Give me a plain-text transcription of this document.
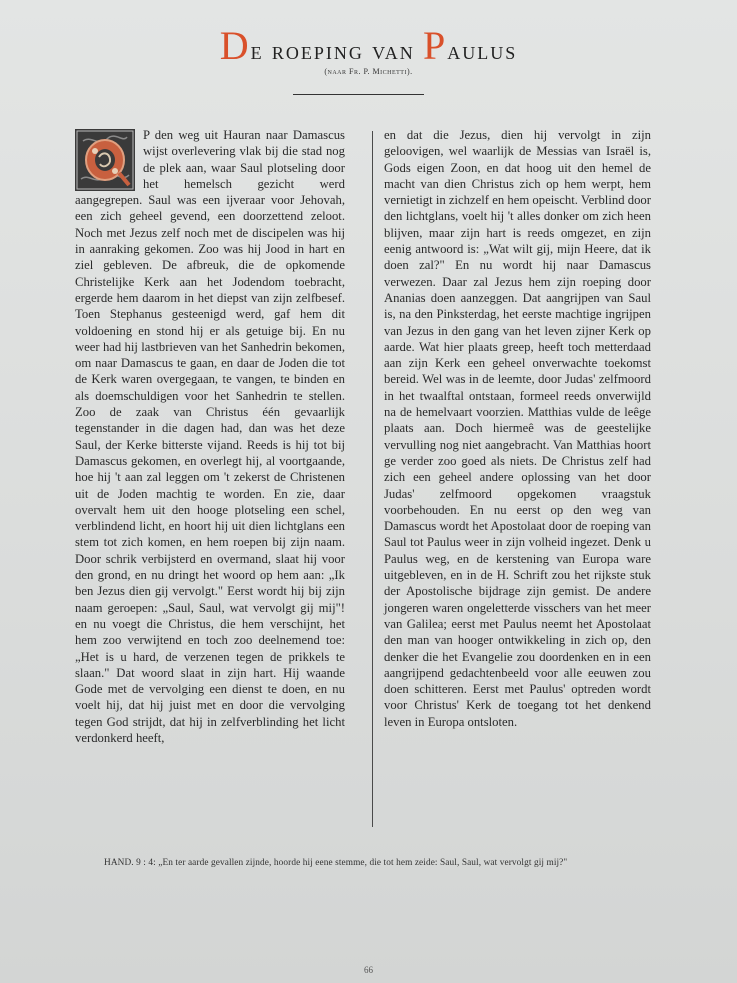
De roeping van Paulus
(naar Fr. P. Michetti).
P den weg uit Hauran naar Damascus wijst overlevering vlak bij die stad nog de plek aan, waar Saul plotseling door het hemelsch gezicht werd aangegrepen. Saul was een ijveraar voor Jehovah, een zich geheel gevend, een doorzettend zeloot. Noch met Jezus zelf noch met de discipelen was hij in aanraking gekomen. Zoo was hij Jood in hart en ziel gebleven. De afbreuk, die de opkomende Christelijke Kerk aan het Jodendom toebracht, ergerde hem daarom in het diepst van zijn zelfbesef. Toen Stephanus gesteenigd werd, gaf hem dit voldoening en stond hij er als getuige bij. En nu weer had hij lastbrieven van het Sanhedrin bekomen, om naar Damascus te gaan, en daar de Joden die tot de Kerk waren overgegaan, te vangen, te binden en als doemschuldigen voor het Sanhedrin te stellen. Zoo de zaak van Christus één gevaarlijk tegenstander in die dagen had, dan was het deze Saul, der Kerke bitterste vijand. Reeds is hij tot bij Damascus gekomen, en overlegt hij, al voortgaande, hoe hij 't aan zal leggen om 't zekerst de Christenen uit de Joden machtig te worden. En zie, daar overvalt hem uit den hooge plotseling een schel, verblindend licht, en hoort hij uit dien lichtglans een stem tot zich komen, en hem roepen bij zijn naam. Door schrik verbijsterd en overmand, slaat hij voor den grond, en nu dringt het woord op hem aan: „Ik ben Jezus dien gij vervolgt." Eerst wordt hij bij zijn naam geroepen: „Saul, Saul, wat vervolgt gij mij"! en nu voegt die Christus, die hem verschijnt, het hem zoo verwijtend en toch zoo deelnemend toe: „Het is u hard, de verzenen tegen de prikkels te slaan." Dat woord slaat in zijn hart. Hij waande Gode met de vervolging een dienst te doen, en nu voelt hij, dat hij juist met en door die vervolging tegen God strijdt, dat hij in zelfverblinding het licht verdonkerd heeft,
en dat die Jezus, dien hij vervolgt in zijn geloovigen, wel waarlijk de Messias van Israël is, Gods eigen Zoon, en dat hoog uit den hemel de macht van dien Christus zich op hem werpt, hem vernietigt in zichzelf en hem opeischt. Verblind door den lichtglans, voelt hij 't alles donker om zich heen blijven, maar zijn hart is reeds omgezet, en zijn eenig antwoord is: „Wat wilt gij, mijn Heere, dat ik doen zal?" En nu wordt hij naar Damascus verwezen. Daar zal Jezus hem zijn roeping door Ananias doen aanzeggen. Dat aangrijpen van Saul is, na den Pinksterdag, het eerste machtige ingrijpen van Jezus in den gang van het leven zijner Kerk op aarde. Wat hier plaats greep, heeft toch metterdaad aan zijn Kerk een geheel onverwachte toekomst bereid. Wel was in de leemte, door Judas' zelfmoord in het twaalftal ontstaan, formeel reeds onverwijld na de hemelvaart voorzien. Matthias vulde de leêge plaats aan. Doch hiermeê was de geestelijke vervulling nog niet aangebracht. Van Matthias hoort ge verder zoo goed als niets. De Christus zelf had zich een geheel andere oplossing van het door Judas' zelfmoord opgekomen vraagstuk voorbehouden. En nu eerst op den weg van Damascus wordt het Apostolaat door de roeping van Saul tot Paulus weer in zijn volheid ingezet. Denk u Paulus weg, en de kerstening van Europa ware uitgebleven, en in de H. Schrift zou het rijkste stuk der Apostolische bijdrage zijn gemist. De andere jongeren waren ongeletterde visschers van het meer van Galilea; eerst met Paulus neemt het Apostolaat den man van hooger ontwikkeling in zich op, den denker die het Evangelie zou doordenken en in een aangrijpend gedachtenbeeld voor alle eeuwen zou doen schitteren. Eerst met Paulus' optreden wordt voor Christus' Kerk de toegang tot het denkend leven in Europa ontsloten.
HAND. 9 : 4: „En ter aarde gevallen zijnde, hoorde hij eene stemme, die tot hem zeide: Saul, Saul, wat vervolgt gij mij?"
66
